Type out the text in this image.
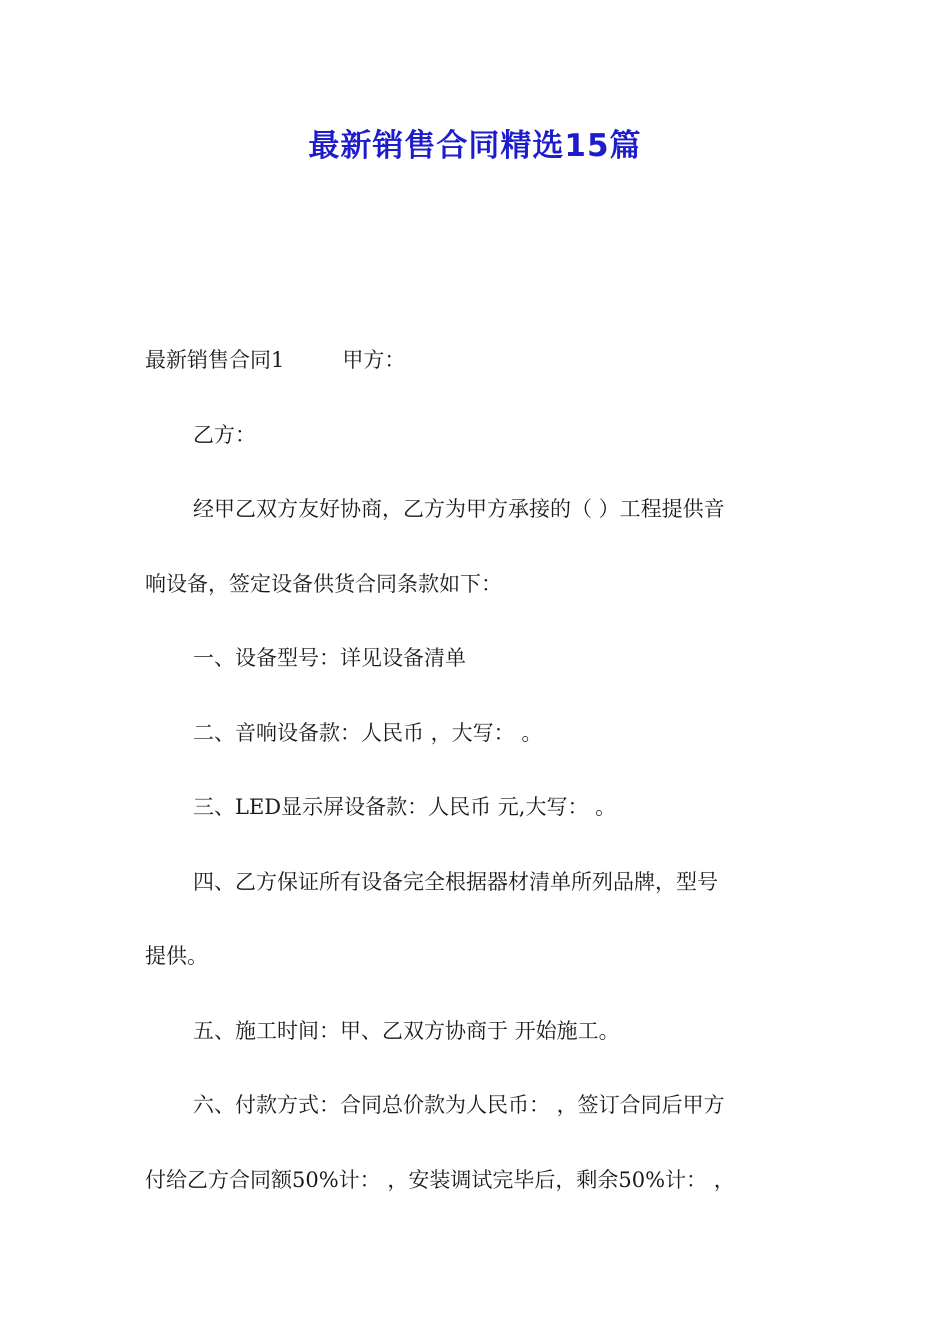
最新销售合同精选15篇
最新销售合同1	甲方：
乙方：
经甲乙双方友好协商，乙方为甲方承接的（ ）工程提供音
响设备，签定设备供货合同条款如下：
一、设备型号：详见设备清单
二、音响设备款：人民币 ，大写： 。
三、LED显示屏设备款：人民币 元,大写： 。
四、乙方保证所有设备完全根据器材清单所列品牌，型号
提供。
五、施工时间：甲、乙双方协商于 开始施工。
六、付款方式：合同总价款为人民币： ，签订合同后甲方
付给乙方合同额50%计： ，安装调试完毕后，剩余50%计： ，
